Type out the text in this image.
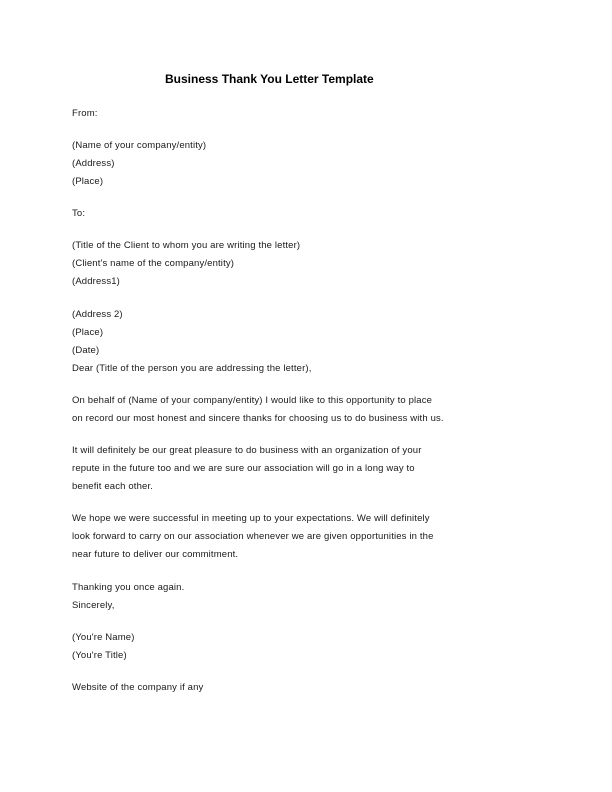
Business Thank You Letter Template
From:
(Name of your company/entity)
(Address)
(Place)
To:
(Title of the Client to whom you are writing the letter)
(Client's name of the company/entity)
(Address1)
(Address 2)
(Place)
(Date)
Dear (Title of the person you are addressing the letter),
On behalf of (Name of your company/entity) I would like to this opportunity to place
on record our most honest and sincere thanks for choosing us to do business with us.
It will definitely be our great pleasure to do business with an organization of your
repute in the future too and we are sure our association will go in a long way to
benefit each other.
We hope we were successful in meeting up to your expectations. We will definitely
look forward to carry on our association whenever we are given opportunities in the
near future to deliver our commitment.
Thanking you once again.
Sincerely,
(You're Name)
(You're Title)
Website of the company if any
